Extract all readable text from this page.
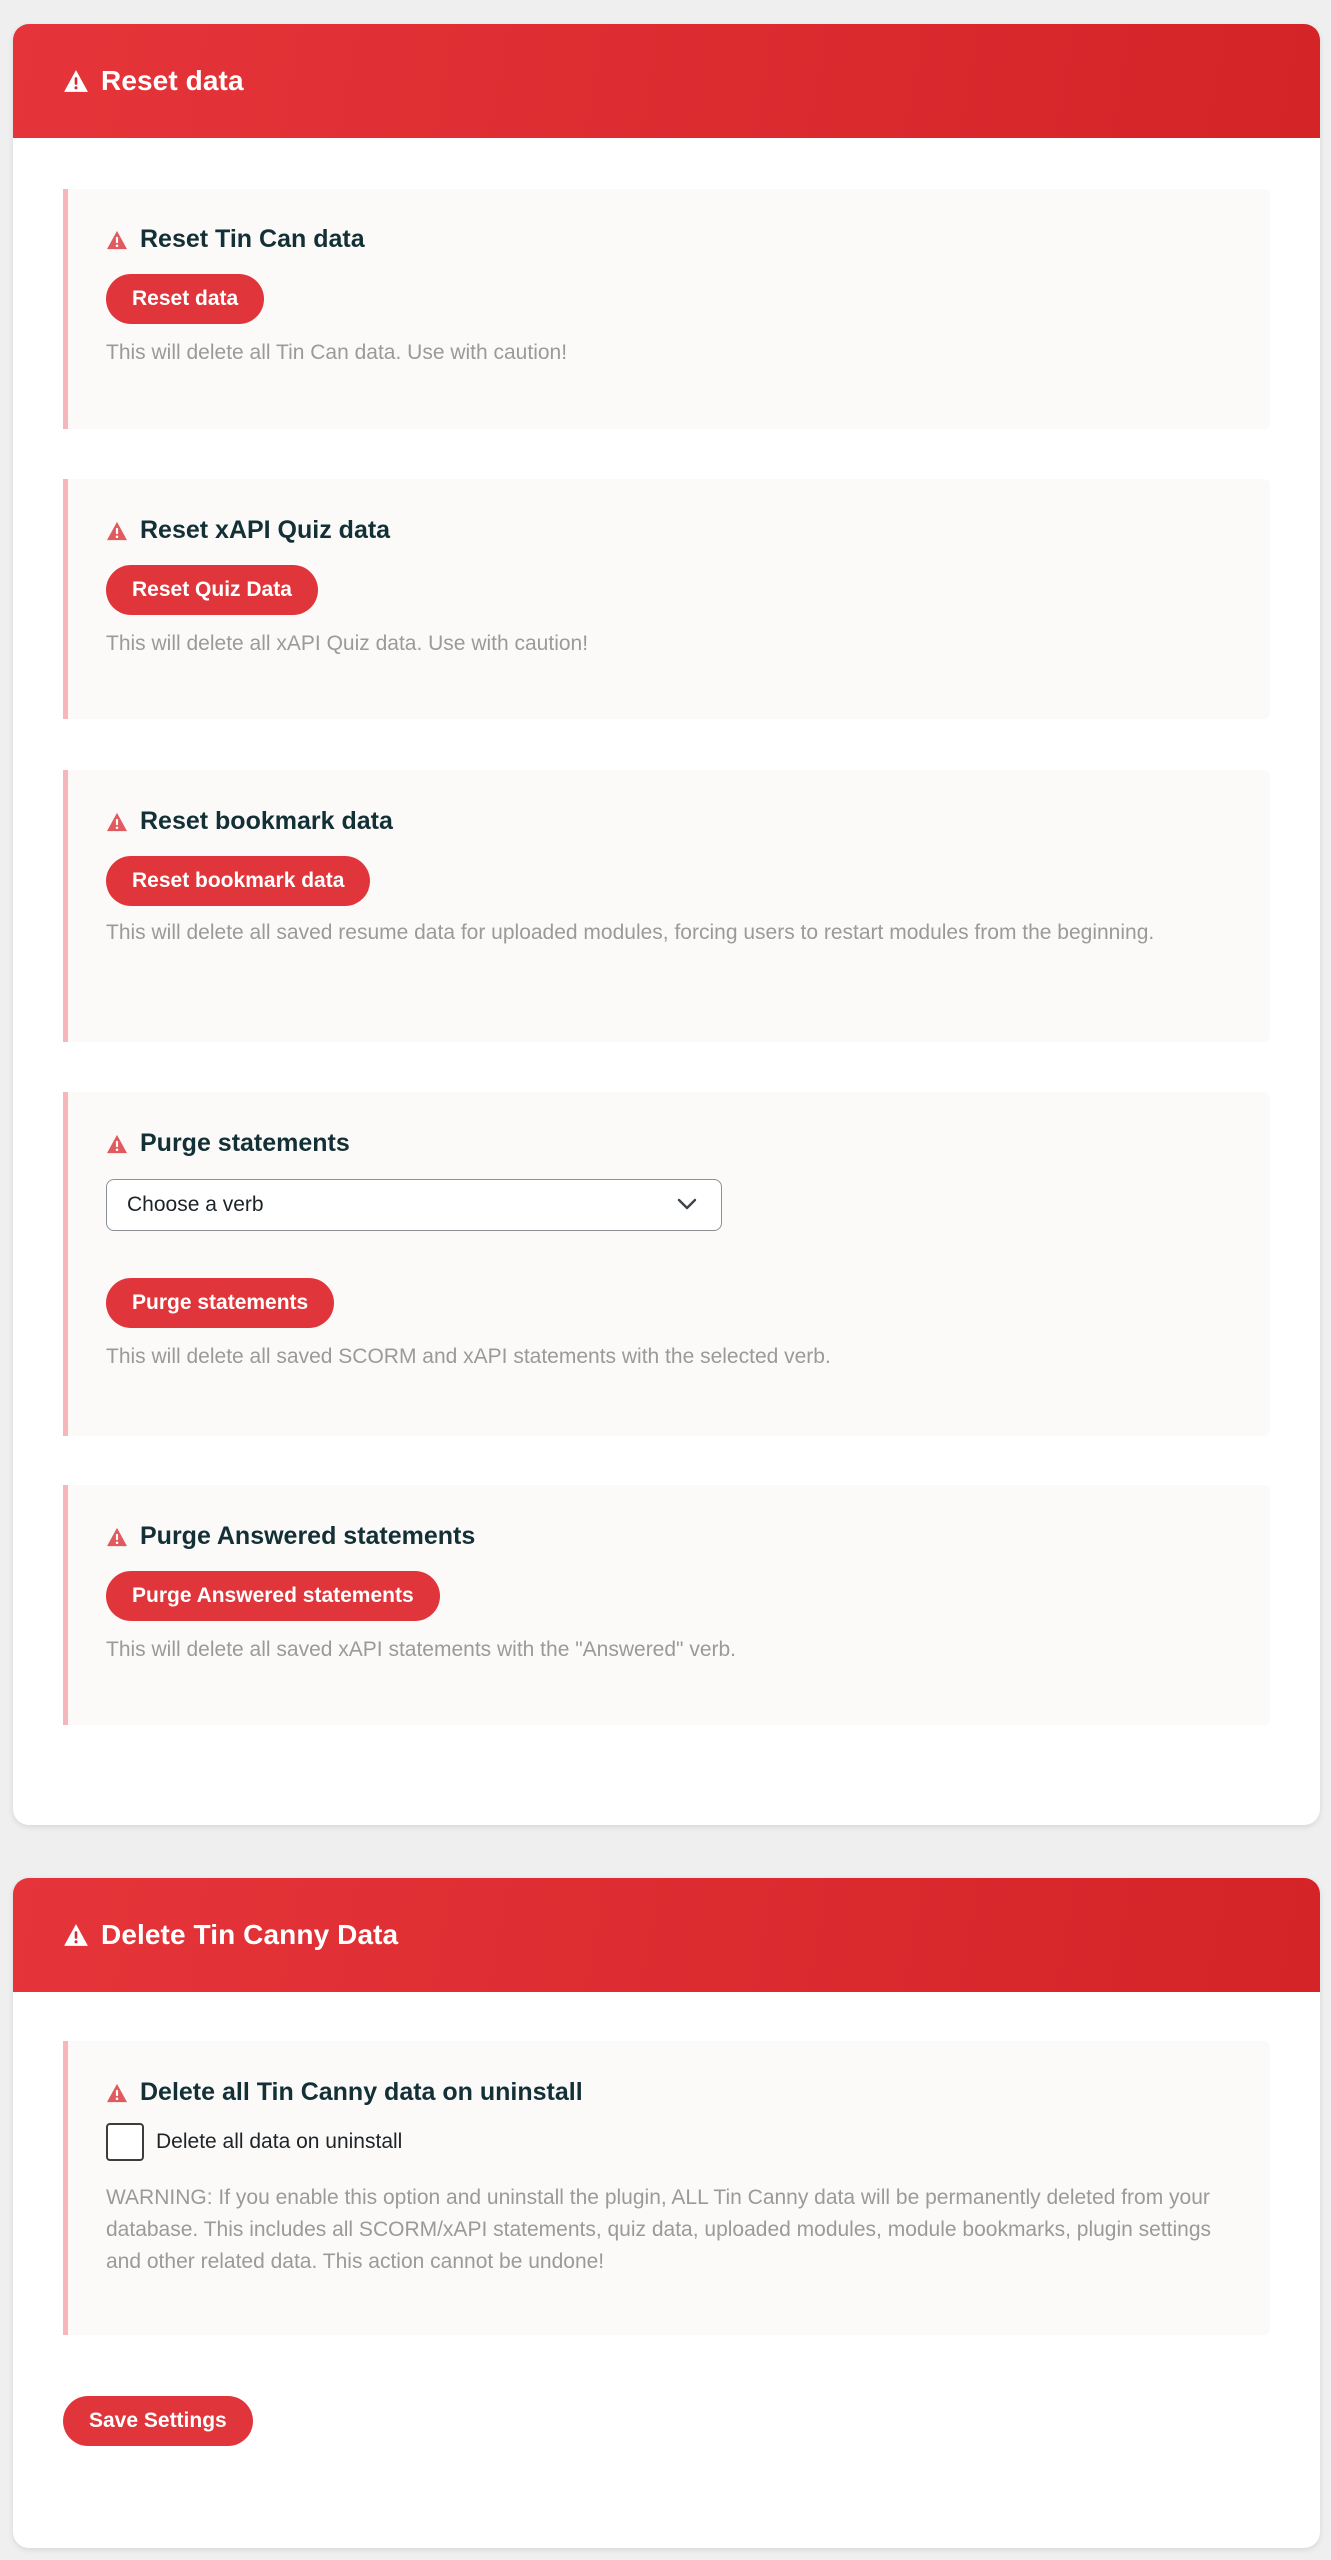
Reset data
Reset Tin Can data
Reset data

This will delete all Tin Can data. Use with caution!

Reset xAPI Quiz data
Reset Quiz Data

This will delete all xAPI Quiz data. Use with caution!

Reset bookmark data
Reset bookmark data

This will delete all saved resume data for uploaded modules, forcing users to restart modules from the beginning.

Purge statements
Choose a verb
Purge statements

This will delete all saved SCORM and xAPI statements with the selected verb.

Purge Answered statements
Purge Answered statements

This will delete all saved xAPI statements with the "Answered" verb.

Delete Tin Canny Data
Delete all Tin Canny data on uninstall
Delete all data on uninstall

WARNING: If you enable this option and uninstall the plugin, ALL Tin Canny data will be permanently deleted from your database. This includes all SCORM/xAPI statements, quiz data, uploaded modules, module bookmarks, plugin settings and other related data. This action cannot be undone!

Save Settings
